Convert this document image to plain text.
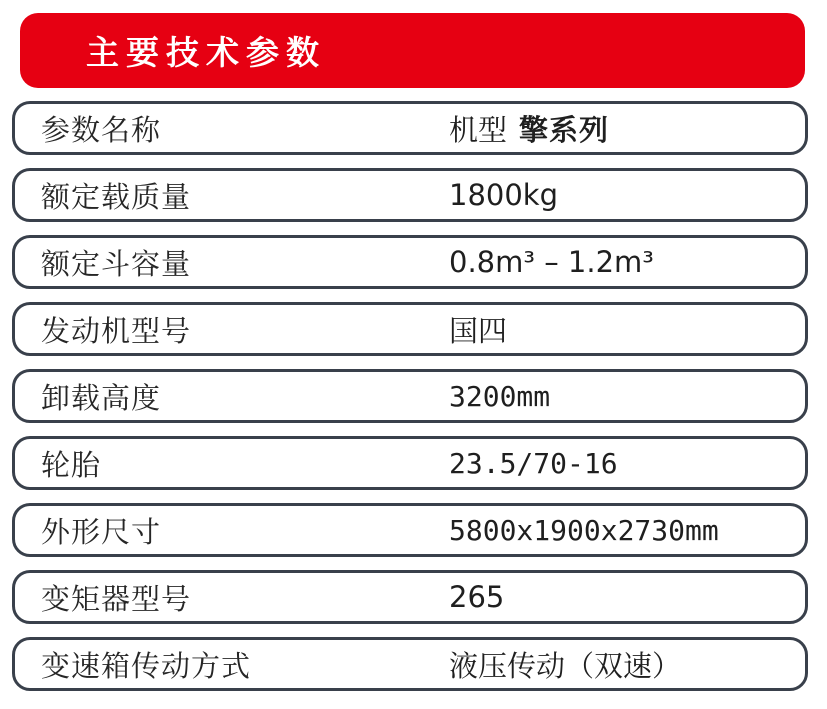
主要技术参数
参数名称	机型 擎系列
额定载质量	1800kg
额定斗容量	0.8m³ – 1.2m³
发动机型号	国四
卸载高度	3200mm
轮胎	23.5/70-16
外形尺寸	5800x1900x2730mm
变矩器型号	265
变速箱传动方式	液压传动（双速）
